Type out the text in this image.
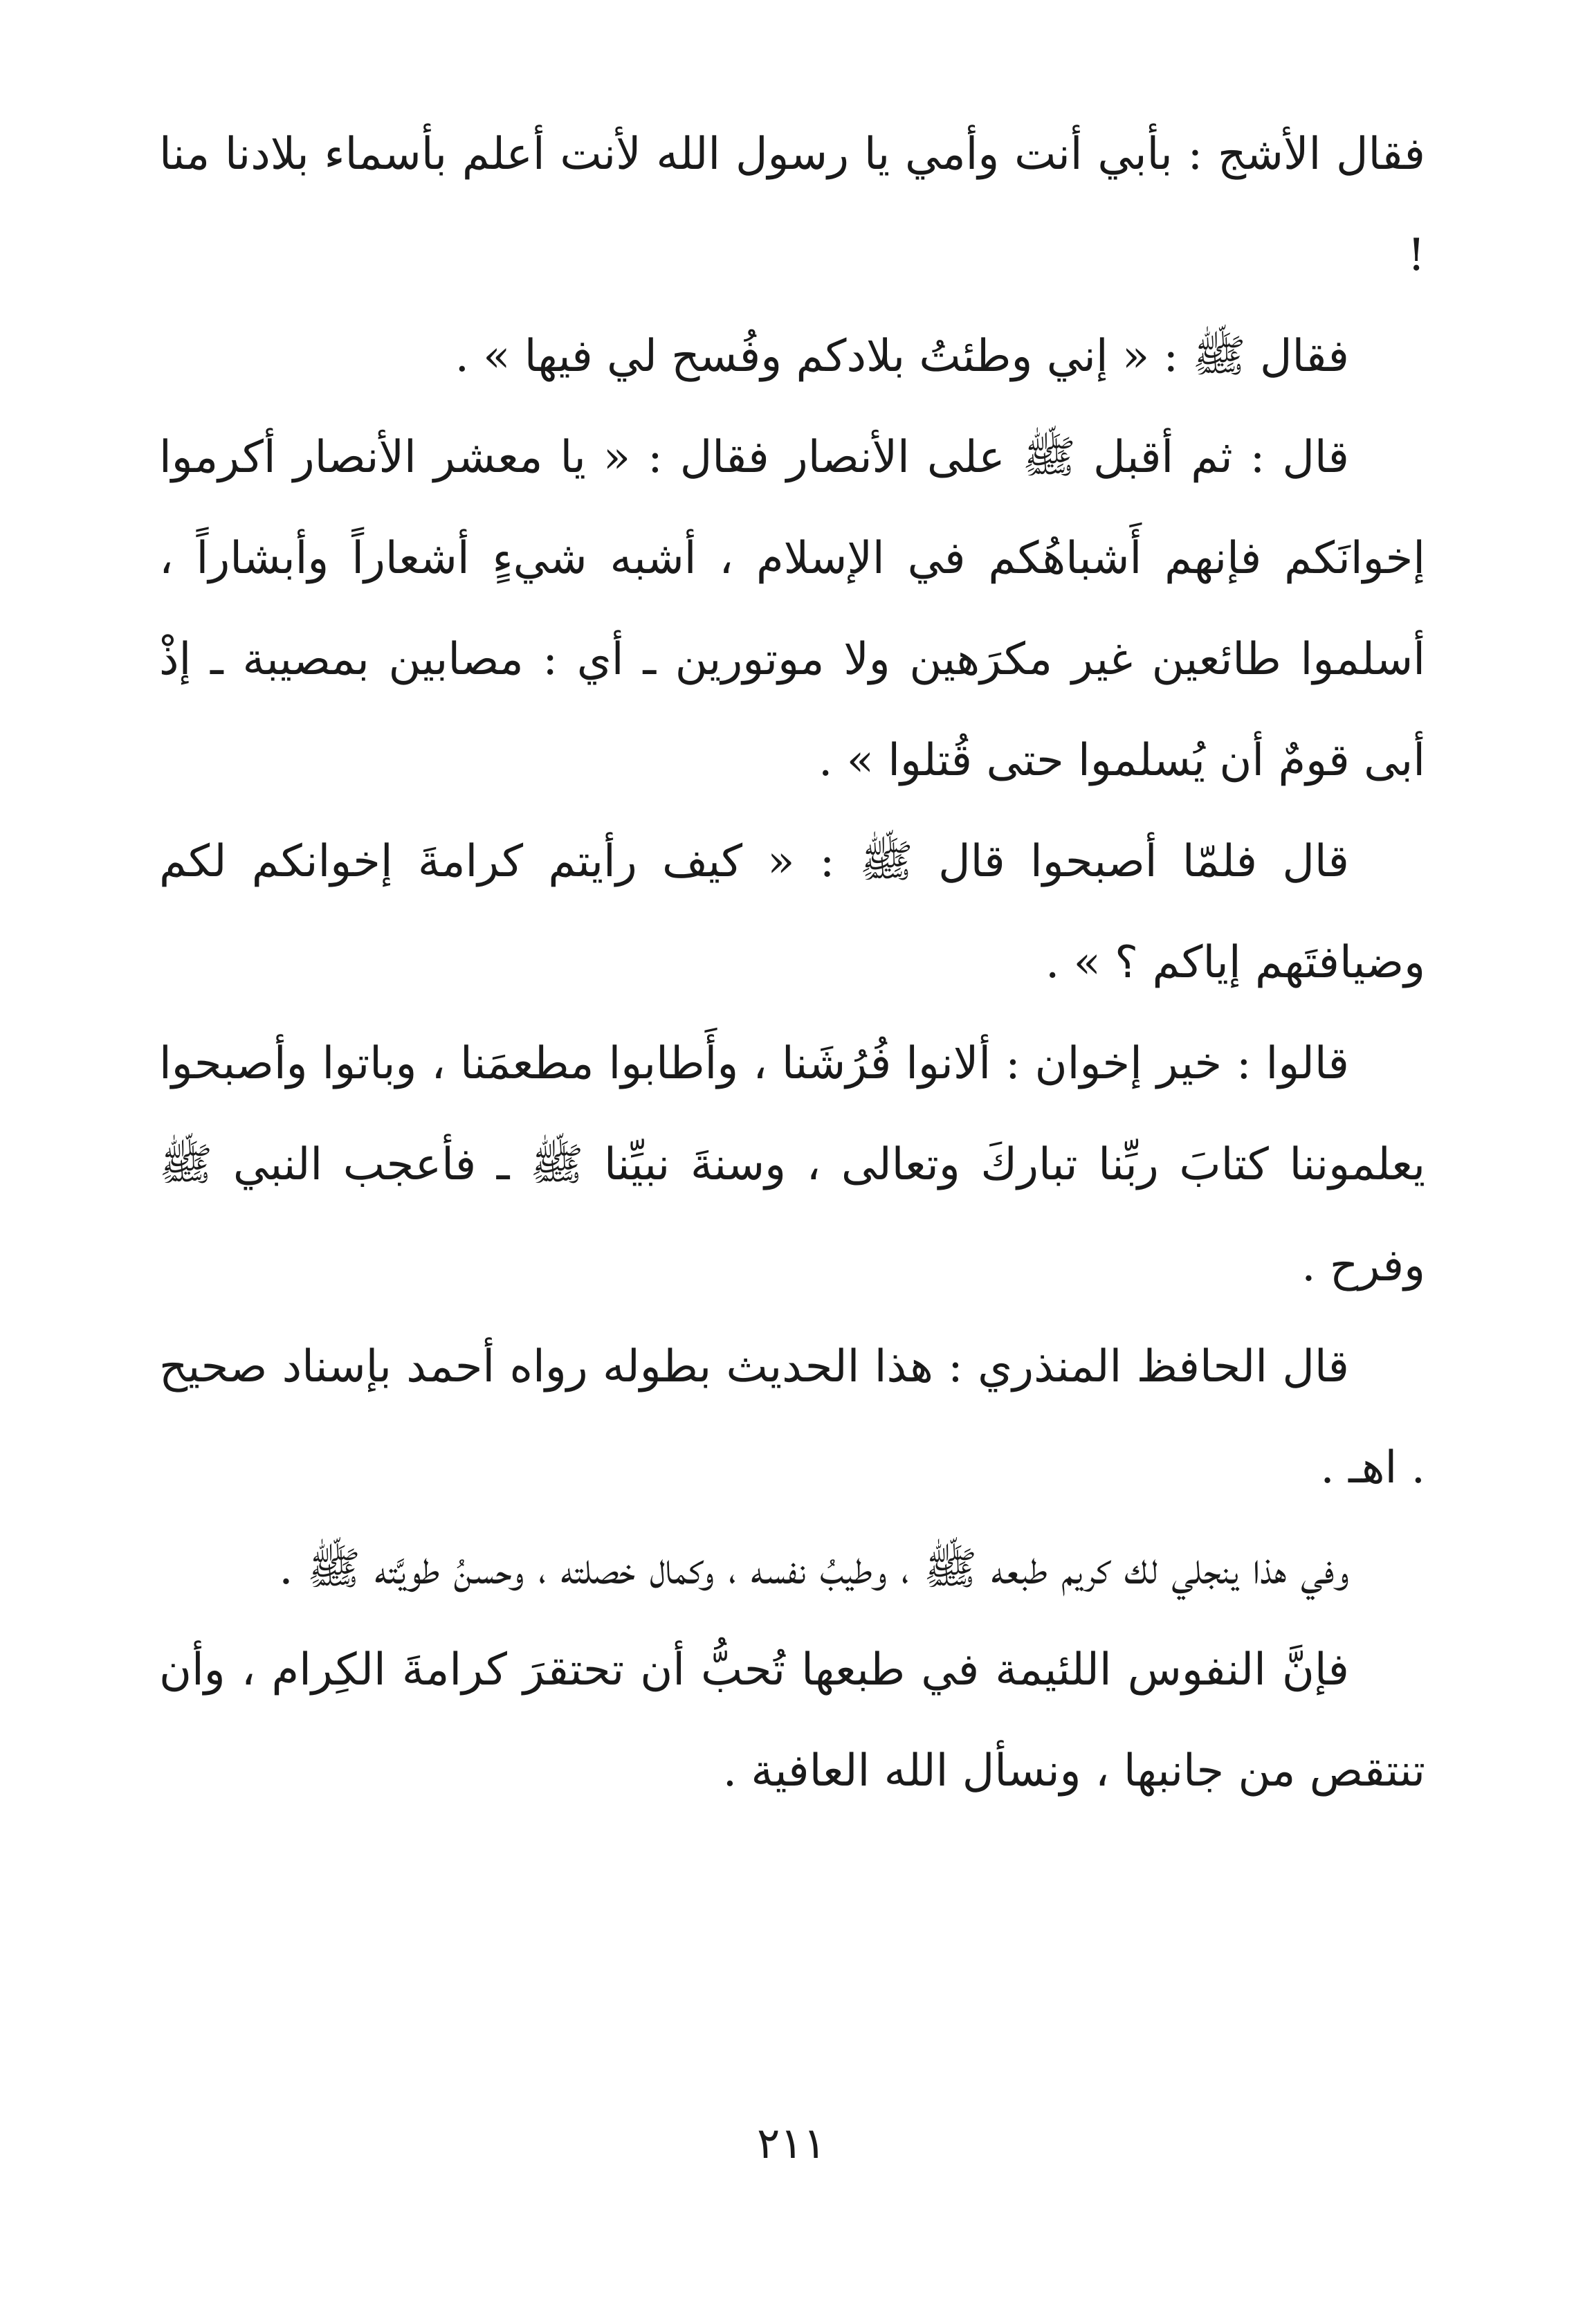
فقال الأشج : بأبي أنت وأمي يا رسول الله لأنت أعلم بأسماء بلادنا منا !

فقال ﷺ : « إني وطئتُ بلادكم وفُسح لي فيها » .

قال : ثم أقبل ﷺ على الأنصار فقال : « يا معشر الأنصار أكرموا إخوانَكم فإنهم أَشباهُكم في الإسلام ، أشبه شيءٍ أشعاراً وأبشاراً ، أسلموا طائعين غير مكرَهين ولا موتورين ـ أي : مصابين بمصيبة ـ إذْ أبى قومٌ أن يُسلموا حتى قُتلوا » .

قال فلمّا أصبحوا قال ﷺ : « كيف رأيتم كرامةَ إخوانكم لكم وضيافتَهم إياكم ؟ » .

قالوا : خير إخوان : ألانوا فُرُشَنا ، وأَطابوا مطعمَنا ، وباتوا وأصبحوا يعلموننا كتابَ ربِّنا تباركَ وتعالى ، وسنةَ نبيِّنا ﷺ ـ فأعجب النبي ﷺ وفرح .

قال الحافظ المنذري : هذا الحديث بطوله رواه أحمد بإسناد صحيح . اهـ .

وفي هذا ينجلي لك كريم طبعه ﷺ ، وطيبُ نفسه ، وكمال خصلته ، وحسنُ طويَّته ﷺ .

فإنَّ النفوس اللئيمة في طبعها تُحبُّ أن تحتقرَ كرامةَ الكِرام ، وأن تنتقص من جانبها ، ونسأل الله العافية .

٢١١
